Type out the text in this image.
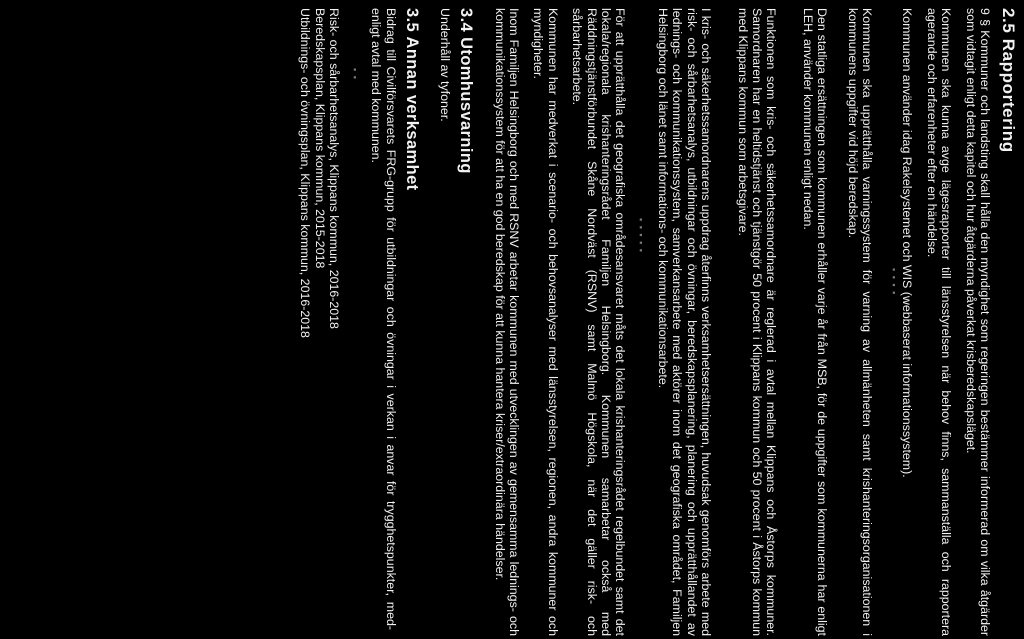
2.5 Rapportering

9 § Kommuner och landsting skall hålla den myndighet som regeringen bestämmer informerad om vilka åtgärder som vidtagit enligt detta kapitel och hur åtgärderna påverkat krisberedskapsläget.

Kommunen ska kunna avge lägesrapporter till länsstyrelsen när behov finns, sammanställa och rapportera agerande och erfarenheter efter en händelse.

Kommunen använder idag Rakelsystemet och WIS (webbaserat informationssystem).

▪ ▪ ▪ ▪

Kommunen ska upprätthålla varningssystem för varning av allmänheten samt krishanteringsorganisationen i kommunens uppgifter vid höjd beredskap.

Den statliga ersättningen som kommunen erhåller varje år från MSB, för de uppgifter som kommunerna har enligt LEH, använder kommunen enligt nedan.

Funktionen som kris- och säkerhetssamordnare är reglerad i avtal mellan Klippans och Åstorps kommuner. Samordnaren har en heltidstjänst och tjänstgör 50 procent i Klippans kommun och 50 procent i Åstorps kommun med Klippans kommun som arbetsgivare.

I kris- och säkerhetssamordnarens uppdrag återfinns verksamhetsersättningen, huvudsak genomförs arbete med risk- och sårbarhetsanalys, utbildningar och övningar, beredskapsplanering, planering och upprätthållandet av lednings- och kommunikationssystem, samverkansarbete med aktörer inom det geografiska området, Familjen Helsingborg och länet samt informations- och kommunikationsarbete.

▪ ▪ ▪ ▪ ▪

För att upprätthålla det geografiska områdesansvaret måts det lokala krishanteringsrådet regelbundet samt det lokala/regionala krishanteringsrådet Familjen Helsingborg. Kommunen samarbetar också med Räddningstjänstförbundet Skåne Nordväst (RSNV) samt Malmö Högskola, när det gäller risk- och sårbarhetsarbete.

Kommunen har medverkat i scenario- och behovsanalyser med länsstyrelsen, regionen, andra kommuner och myndigheter.

Inom Familjen Helsingborg och med RSNV arbetar kommunen med utvecklingen av gemensamma lednings- och kommunikationssystem för att ha en god beredskap för att kunna hantera kriser/extraordinära händelser.

3.4 Utomhusvarning

Underhåll av tyfoner.

3.5 Annan verksamhet

Bidrag till Civilförsvarets FRG-grupp för utbildningar och övningar i verkan i anvar för trygghetspunkter, enligt avtal med kommunen.

med-
▪ ▪

Risk- och sårbarhetsanalys, Klippans kommun, 2016-2018

Beredskapsplan, Klippans kommun, 2015-2018

Utbildnings- och övningsplan, Klippans kommun, 2016-2018
